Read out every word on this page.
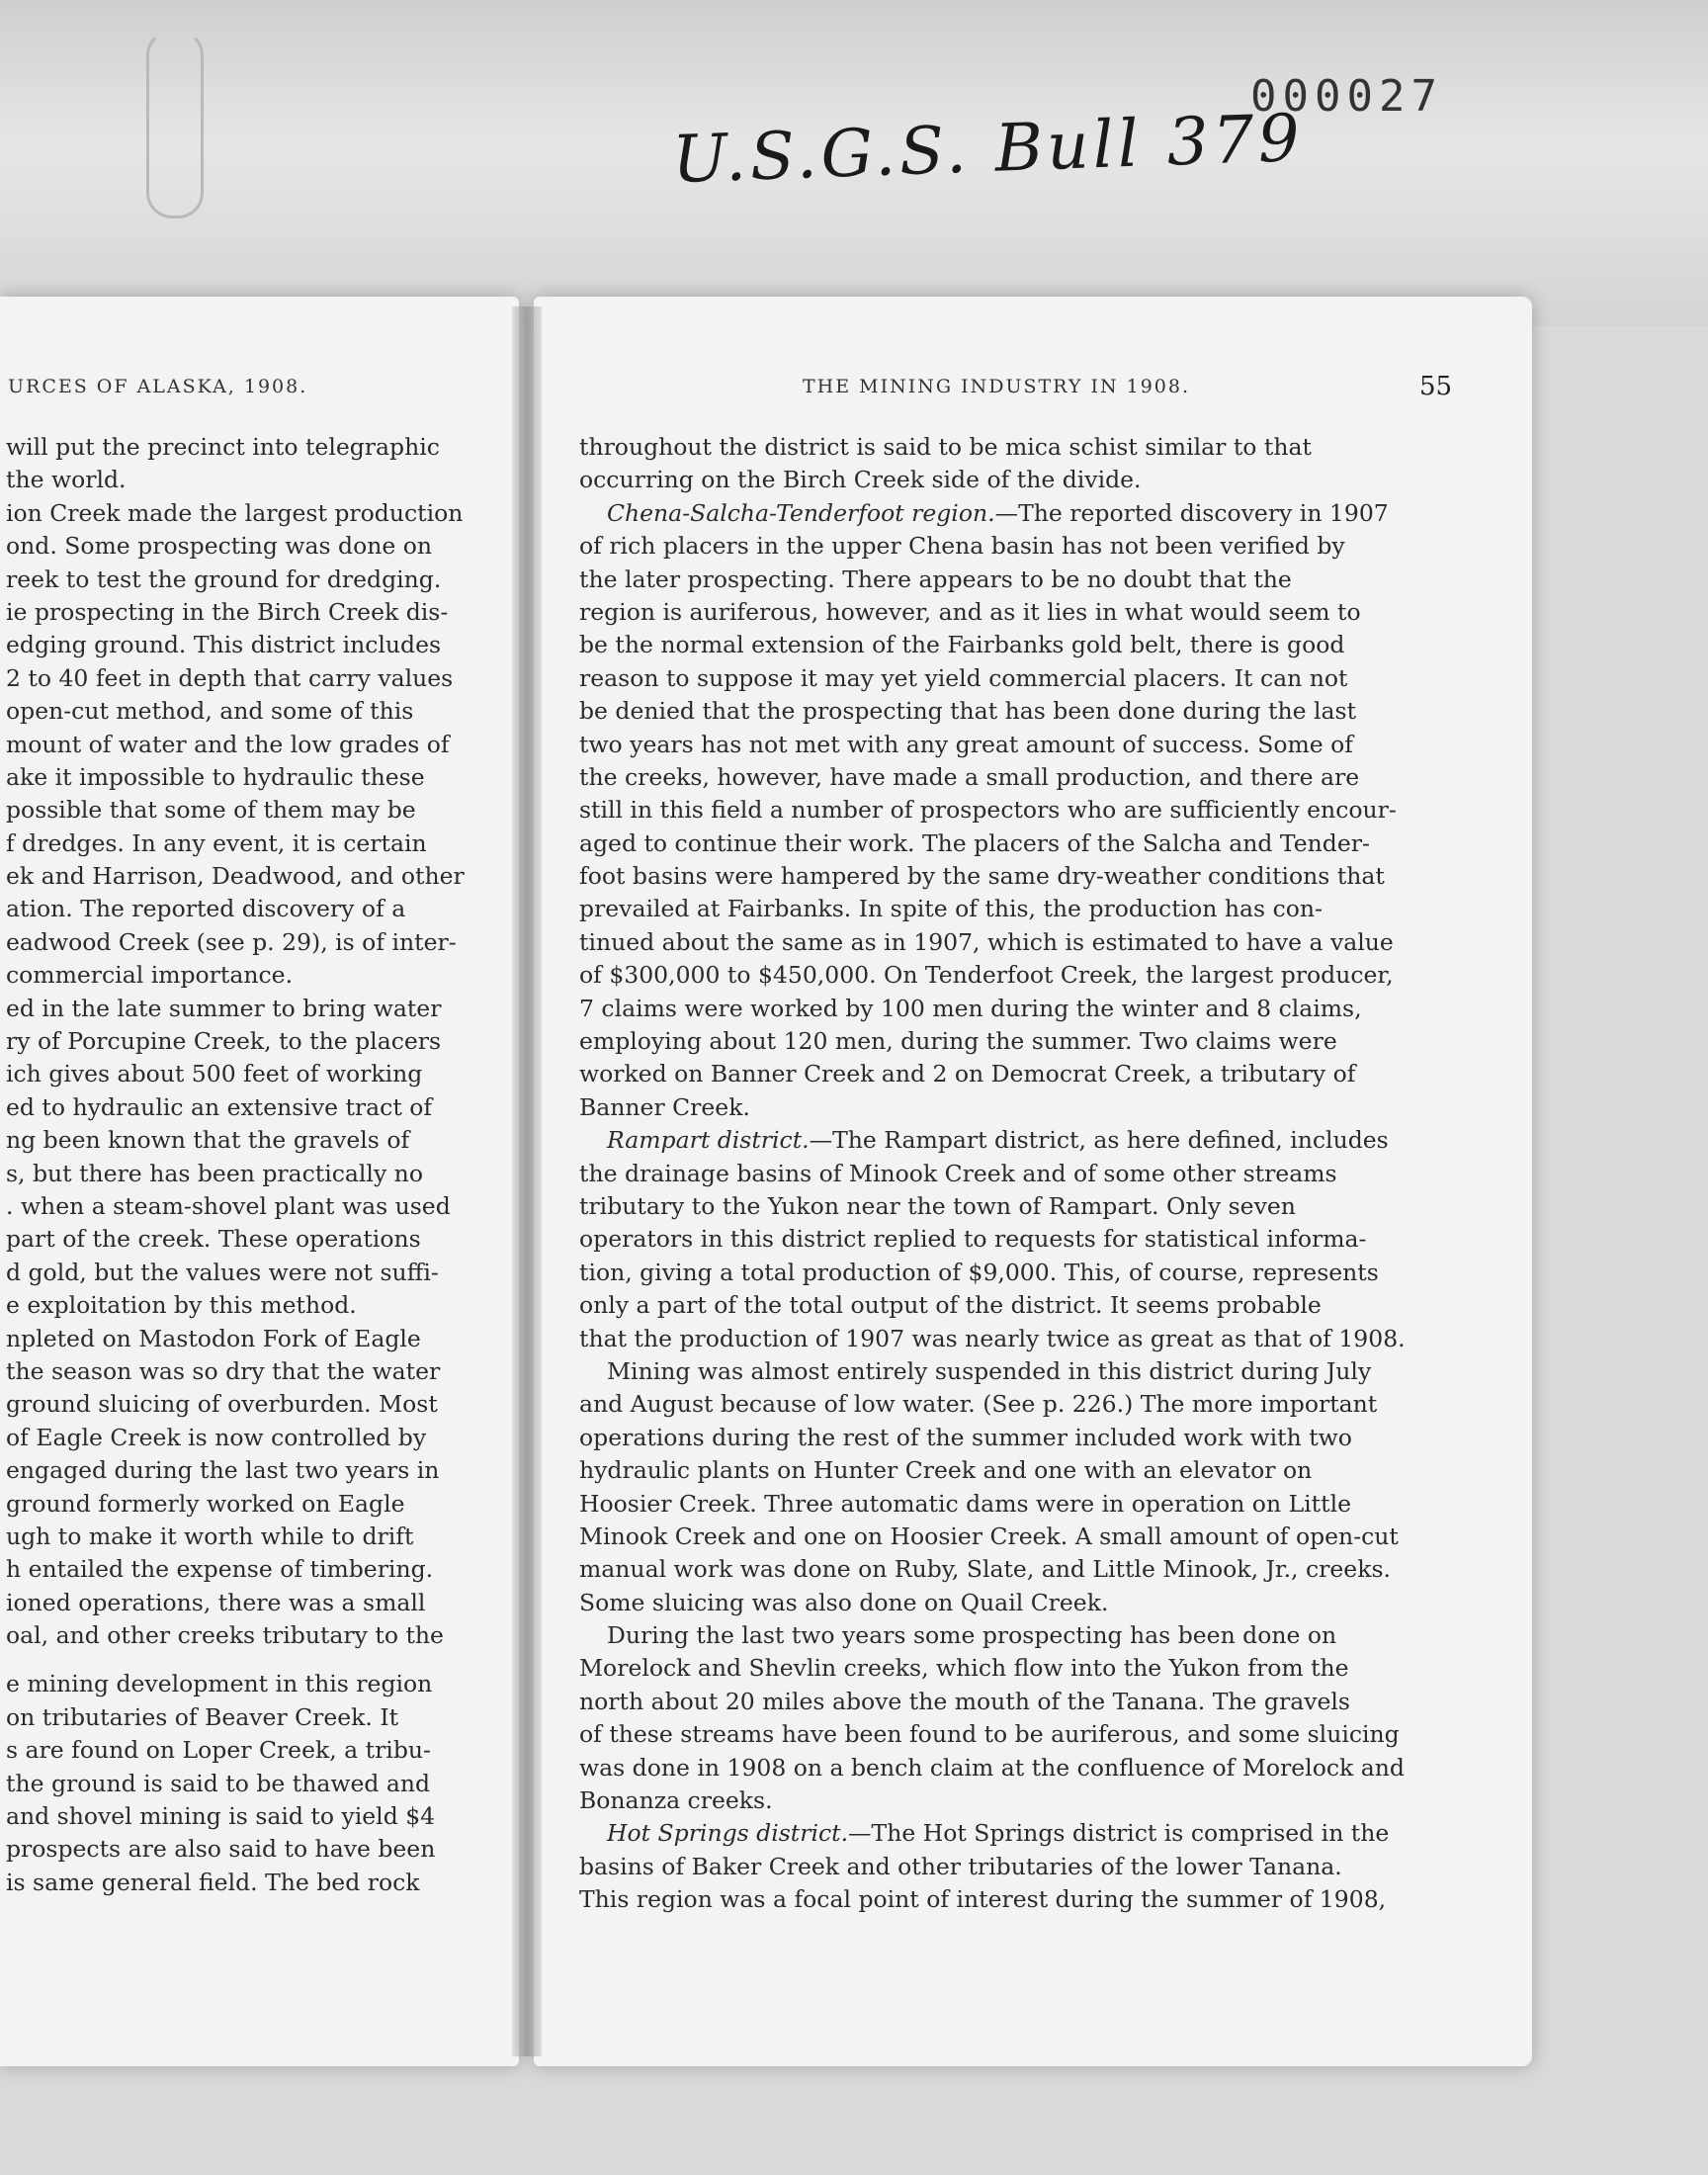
000027
U.S.G.S. Bull 379
URCES OF ALASKA, 1908.	THE MINING INDUSTRY IN 1908.	55
will put the precinct into telegraphic
the world.
ion Creek made the largest production
ond. Some prospecting was done on
reek to test the ground for dredging.
ie prospecting in the Birch Creek dis-
edging ground. This district includes
2 to 40 feet in depth that carry values
open-cut method, and some of this
mount of water and the low grades of
ake it impossible to hydraulic these
possible that some of them may be
f dredges. In any event, it is certain
ek and Harrison, Deadwood, and other
ation. The reported discovery of a
eadwood Creek (see p. 29), is of inter-
commercial importance.
ed in the late summer to bring water
ry of Porcupine Creek, to the placers
ich gives about 500 feet of working
ed to hydraulic an extensive tract of
ng been known that the gravels of
s, but there has been practically no
. when a steam-shovel plant was used
part of the creek. These operations
d gold, but the values were not suffi-
e exploitation by this method.
npleted on Mastodon Fork of Eagle
the season was so dry that the water
ground sluicing of overburden. Most
of Eagle Creek is now controlled by
engaged during the last two years in
ground formerly worked on Eagle
ugh to make it worth while to drift
h entailed the expense of timbering.
ioned operations, there was a small
oal, and other creeks tributary to the
e mining development in this region
on tributaries of Beaver Creek. It
s are found on Loper Creek, a tribu-
the ground is said to be thawed and
and shovel mining is said to yield $4
prospects are also said to have been
is same general field. The bed rock
throughout the district is said to be mica schist similar to that
occurring on the Birch Creek side of the divide.
Chena-Salcha-Tenderfoot region.—The reported discovery in 1907
of rich placers in the upper Chena basin has not been verified by
the later prospecting. There appears to be no doubt that the
region is auriferous, however, and as it lies in what would seem to
be the normal extension of the Fairbanks gold belt, there is good
reason to suppose it may yet yield commercial placers. It can not
be denied that the prospecting that has been done during the last
two years has not met with any great amount of success. Some of
the creeks, however, have made a small production, and there are
still in this field a number of prospectors who are sufficiently encour-
aged to continue their work. The placers of the Salcha and Tender-
foot basins were hampered by the same dry-weather conditions that
prevailed at Fairbanks. In spite of this, the production has con-
tinued about the same as in 1907, which is estimated to have a value
of $300,000 to $450,000. On Tenderfoot Creek, the largest producer,
7 claims were worked by 100 men during the winter and 8 claims,
employing about 120 men, during the summer. Two claims were
worked on Banner Creek and 2 on Democrat Creek, a tributary of
Banner Creek.
Rampart district.—The Rampart district, as here defined, includes
the drainage basins of Minook Creek and of some other streams
tributary to the Yukon near the town of Rampart. Only seven
operators in this district replied to requests for statistical informa-
tion, giving a total production of $9,000. This, of course, represents
only a part of the total output of the district. It seems probable
that the production of 1907 was nearly twice as great as that of 1908.
Mining was almost entirely suspended in this district during July
and August because of low water. (See p. 226.) The more important
operations during the rest of the summer included work with two
hydraulic plants on Hunter Creek and one with an elevator on
Hoosier Creek. Three automatic dams were in operation on Little
Minook Creek and one on Hoosier Creek. A small amount of open-cut
manual work was done on Ruby, Slate, and Little Minook, Jr., creeks.
Some sluicing was also done on Quail Creek.
During the last two years some prospecting has been done on
Morelock and Shevlin creeks, which flow into the Yukon from the
north about 20 miles above the mouth of the Tanana. The gravels
of these streams have been found to be auriferous, and some sluicing
was done in 1908 on a bench claim at the confluence of Morelock and
Bonanza creeks.
Hot Springs district.—The Hot Springs district is comprised in the
basins of Baker Creek and other tributaries of the lower Tanana.
This region was a focal point of interest during the summer of 1908,
